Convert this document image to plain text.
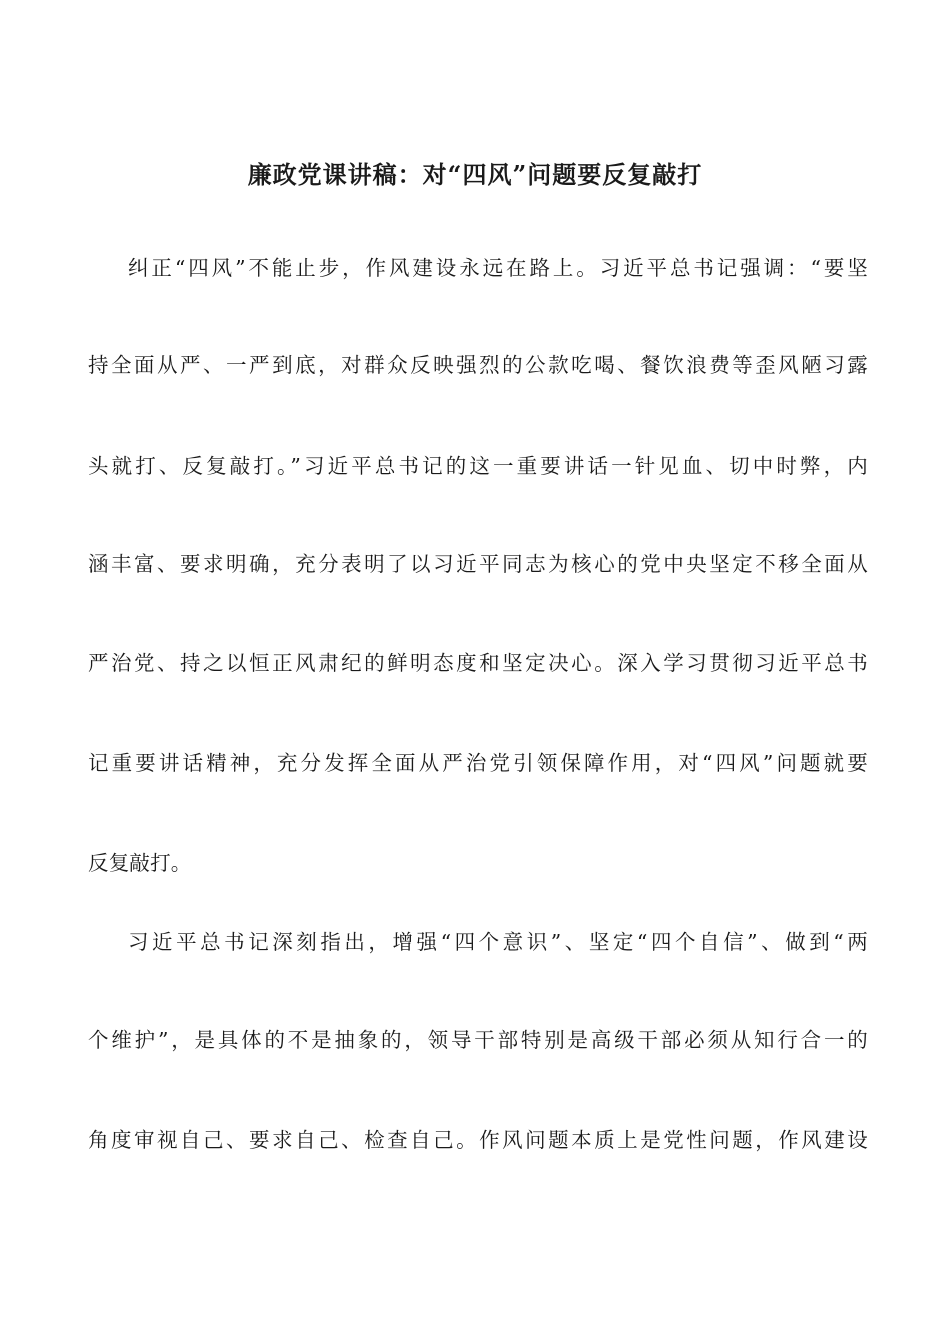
廉政党课讲稿：对“四风”问题要反复敲打
纠正“四风”不能止步，作风建设永远在路上。习近平总书记强调：“要坚
持全面从严、一严到底，对群众反映强烈的公款吃喝、餐饮浪费等歪风陋习露
头就打、反复敲打。”习近平总书记的这一重要讲话一针见血、切中时弊，内
涵丰富、要求明确，充分表明了以习近平同志为核心的党中央坚定不移全面从
严治党、持之以恒正风肃纪的鲜明态度和坚定决心。深入学习贯彻习近平总书
记重要讲话精神，充分发挥全面从严治党引领保障作用，对“四风”问题就要
反复敲打。
习近平总书记深刻指出，增强“四个意识”、坚定“四个自信”、做到“两
个维护”，是具体的不是抽象的，领导干部特别是高级干部必须从知行合一的
角度审视自己、要求自己、检查自己。作风问题本质上是党性问题，作风建设
